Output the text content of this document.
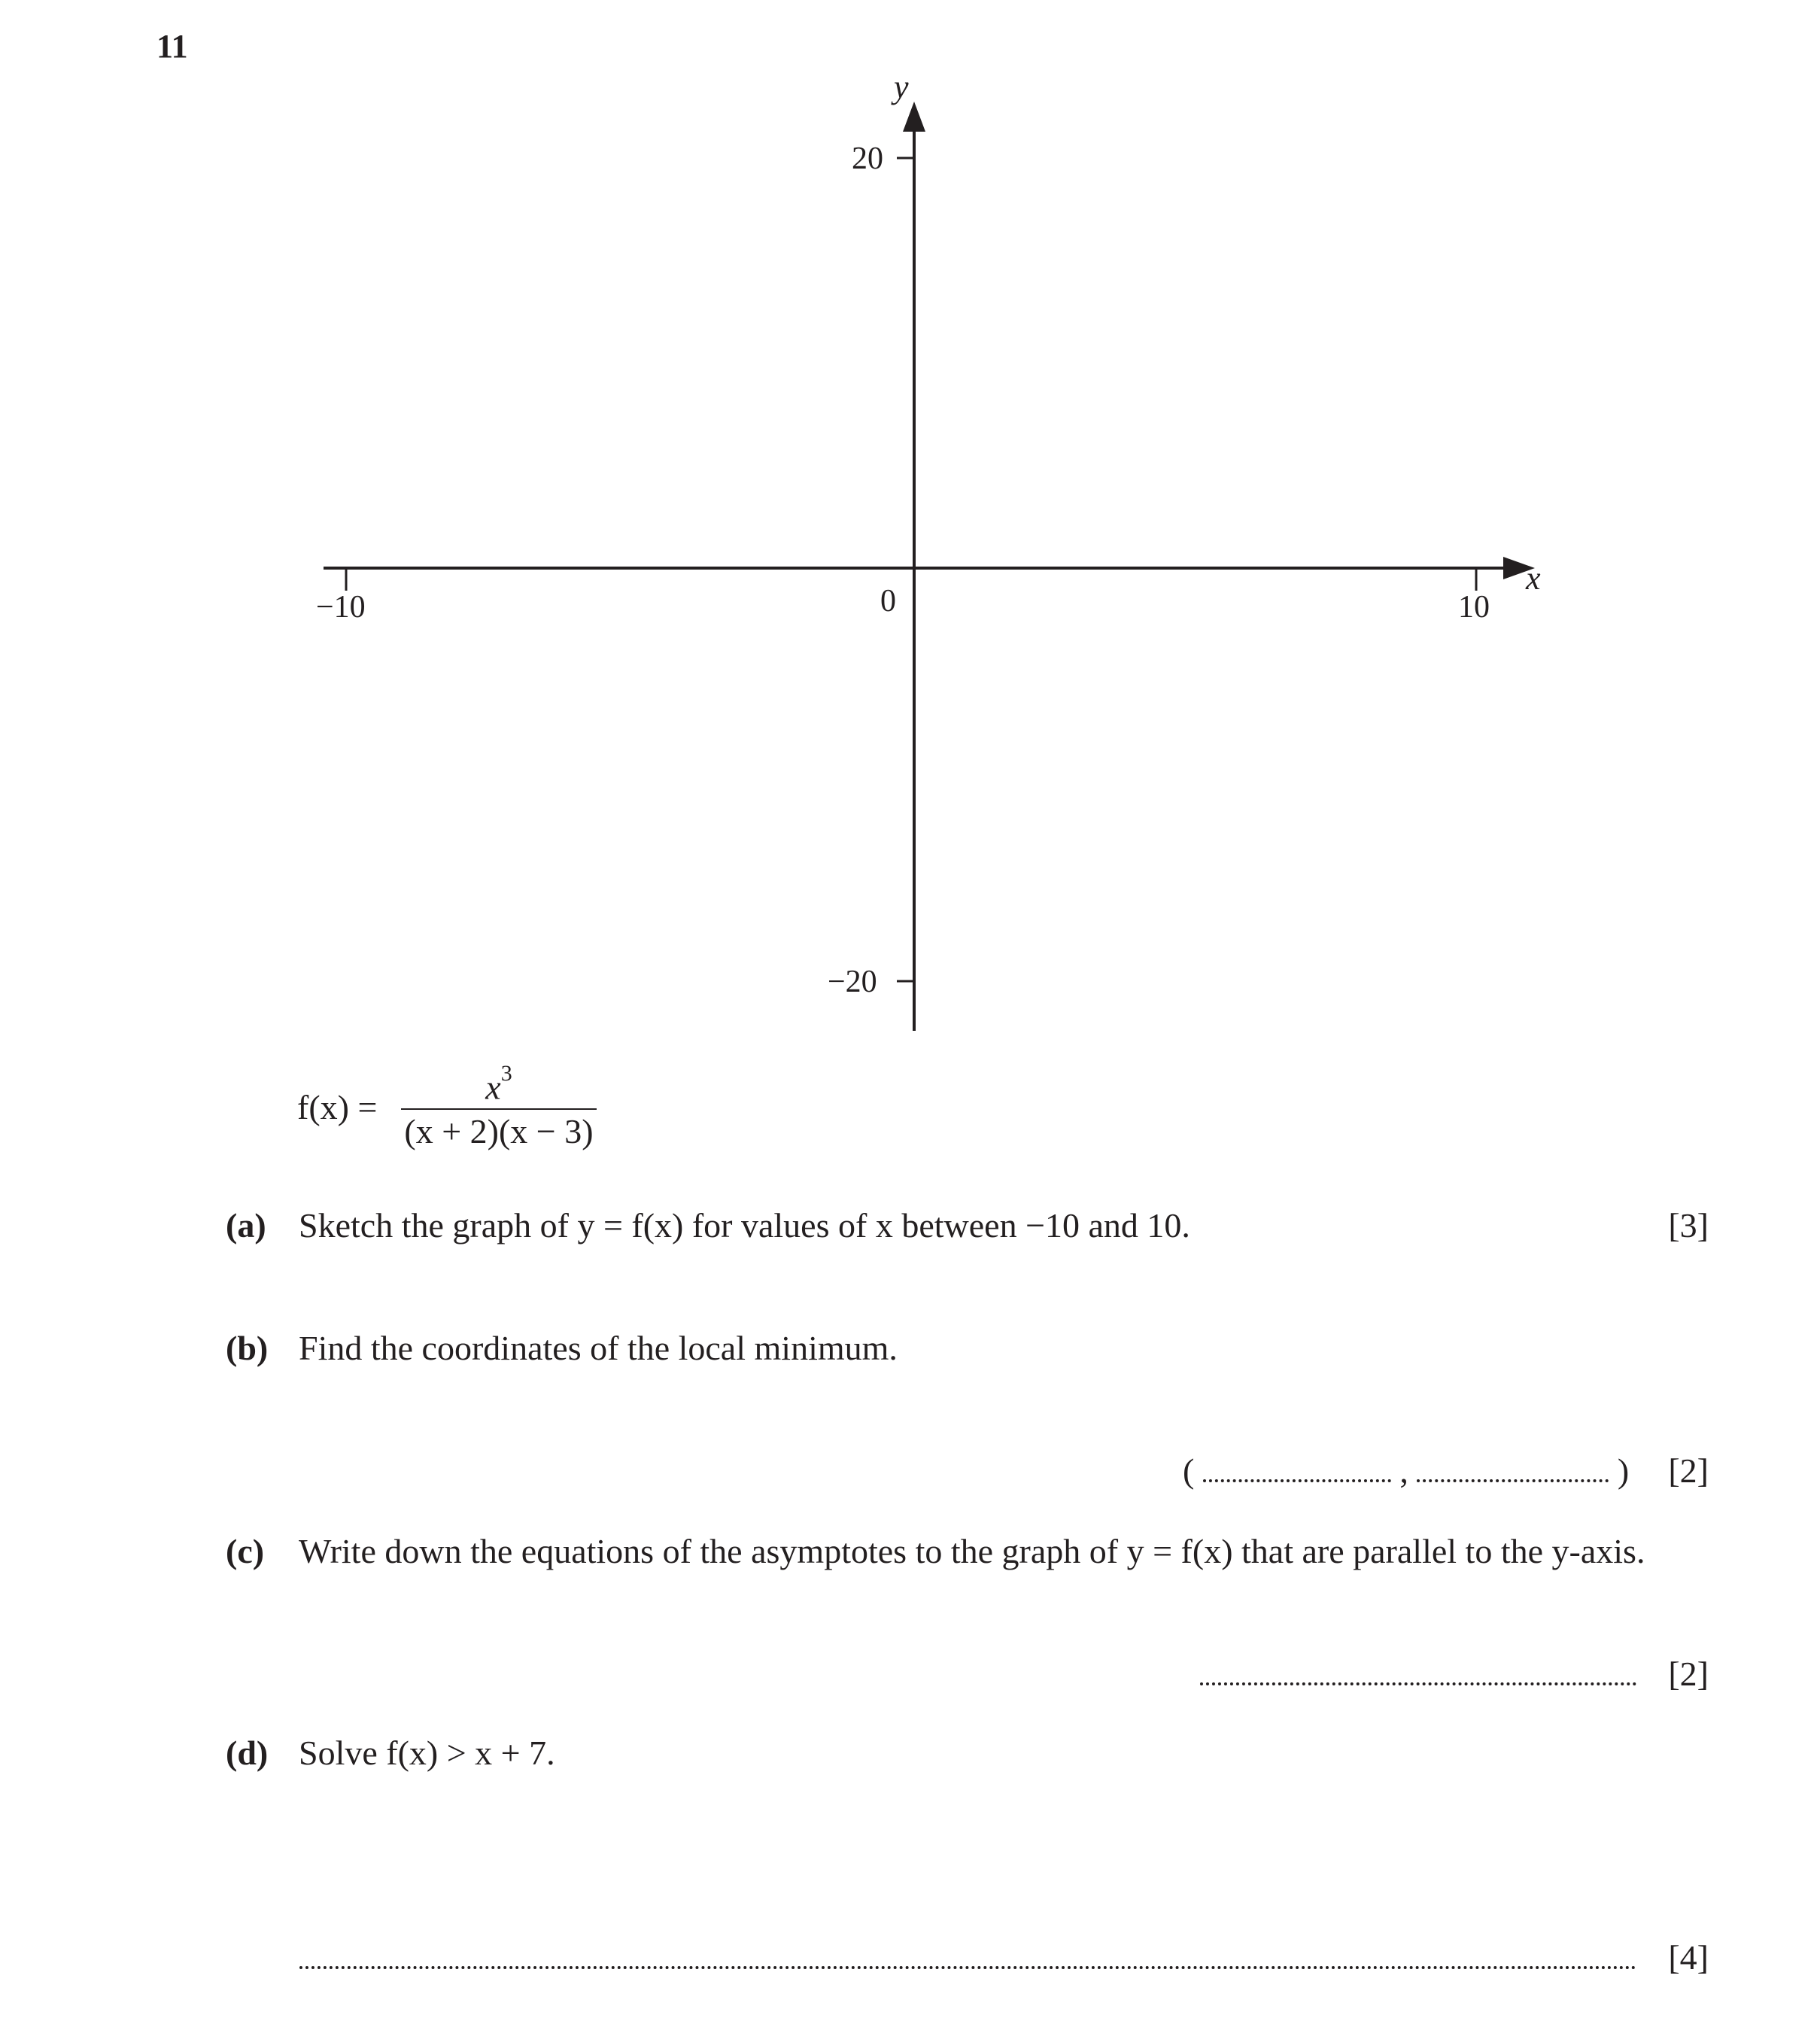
11
y
x
0
−10	10
20
−20
f(x) =
$x^3$
(x + 2)(x − 3)
(a) Sketch the graph of y = f(x) for values of x between −10 and 10.	[3]
(b) Find the coordinates of the local minimum.
(	,	) [2]
(c) Write down the equations of the asymptotes to the graph of y = f(x) that are parallel to the y-axis.
[2]
(d) Solve f(x) > x + 7.
[4]
